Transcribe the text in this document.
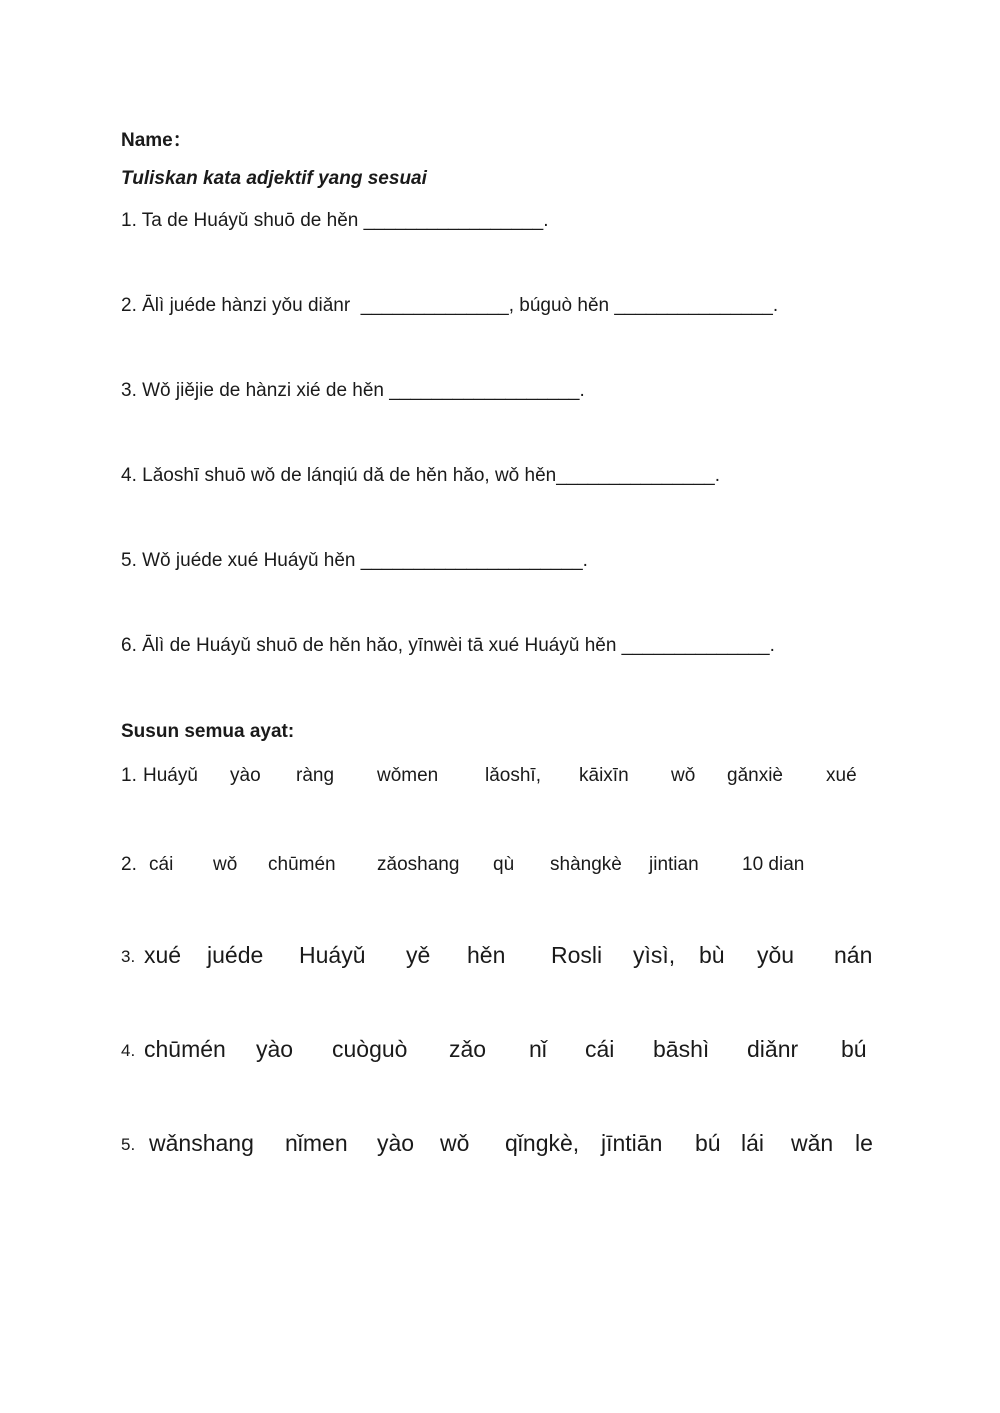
Name：
Tuliskan kata adjektif yang sesuai
1. Ta de Huáyǔ shuō de hěn _________________.
2. Ālì juéde hànzi yǒu diǎnr  ______________, búguò hěn _______________.
3. Wǒ jiějie de hànzi xié de hěn __________________.
4. Lǎoshī shuō wǒ de lánqiú dǎ de hěn hǎo, wǒ hěn_______________.
5. Wǒ juéde xué Huáyǔ hěn _____________________.
6. Ālì de Huáyǔ shuō de hěn hǎo, yīnwèi tā xué Huáyǔ hěn ______________.
Susun semua ayat:
1. Huáyǔ yào ràng wǒmen lǎoshī, kāixīn wǒ gǎnxiè xué
2. cái wǒ chūmén zǎoshang qù shàngkè jintian 10 dian
3. xué juéde Huáyǔ yě hěn Rosli yìsì, bù yǒu nán
4. chūmén yào cuòguò zǎo nǐ cái bāshì diǎnr bú
5. wǎnshang nǐmen yào wǒ qǐngkè, jīntiān bú lái wǎn le
